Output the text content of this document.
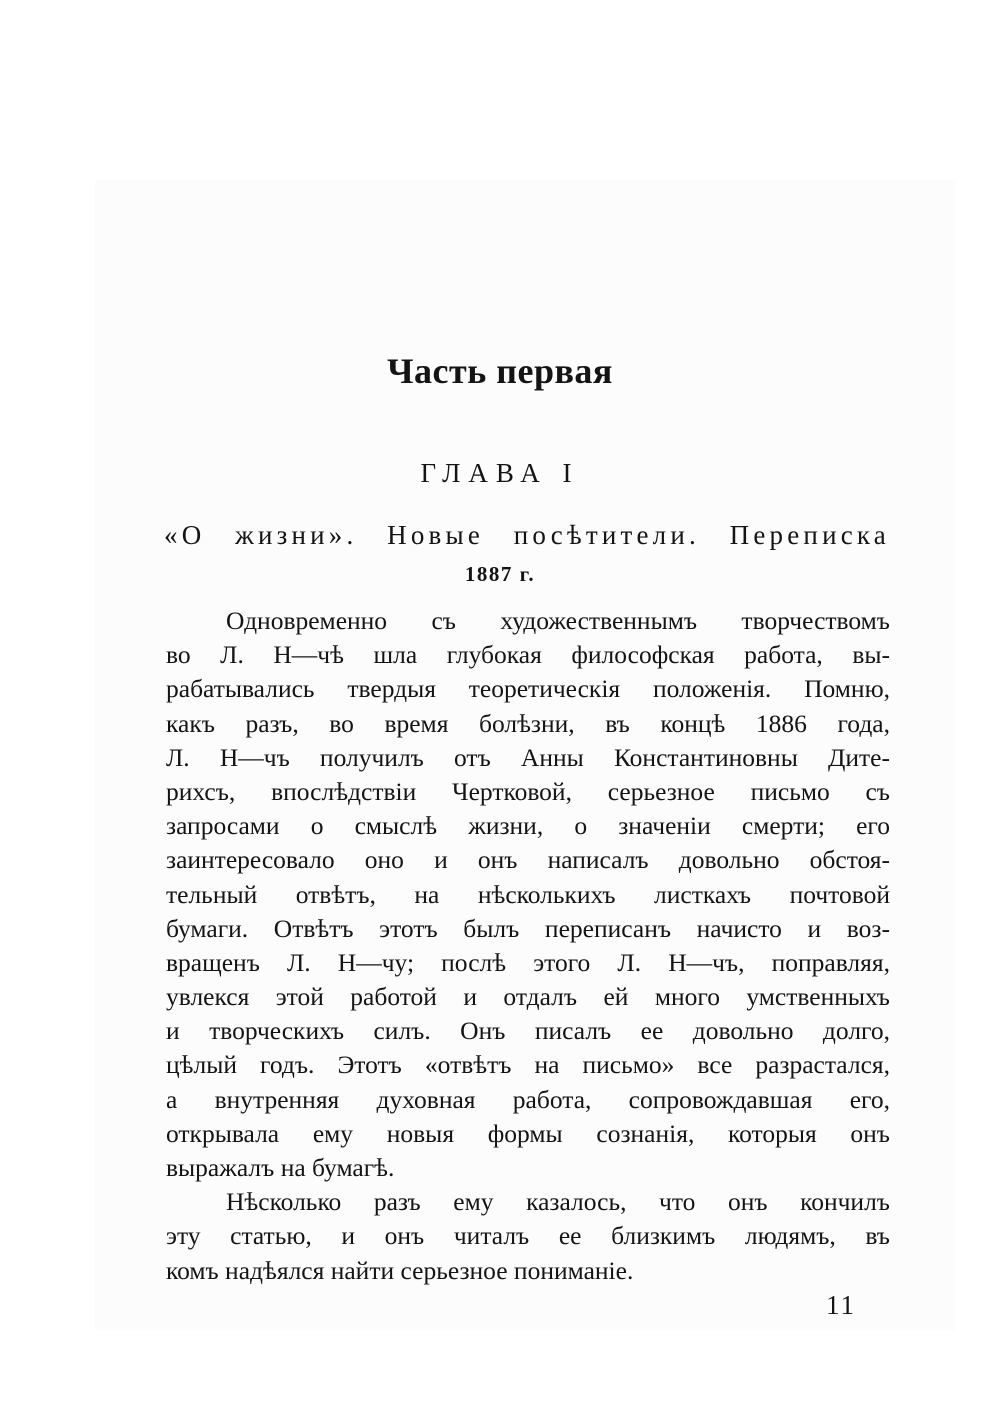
Часть первая
ГЛАВА I
«О жизни». Новые посѣтители. Переписка
1887 г.
Одновременно съ художественнымъ творчествомъ
во Л. Н—чѣ шла глубокая философская работа, вы-
рабатывались твердыя теоретическія положенія. Помню,
какъ разъ, во время болѣзни, въ концѣ 1886 года,
Л. Н—чъ получилъ отъ Анны Константиновны Дите-
рихсъ, впослѣдствіи Чертковой, серьезное письмо съ
запросами о смыслѣ жизни, о значеніи смерти; его
заинтересовало оно и онъ написалъ довольно обстоя-
тельный отвѣтъ, на нѣсколькихъ листкахъ почтовой
бумаги. Отвѣтъ этотъ былъ переписанъ начисто и воз-
вращенъ Л. Н—чу; послѣ этого Л. Н—чъ, поправляя,
увлекся этой работой и отдалъ ей много умственныхъ
и творческихъ силъ. Онъ писалъ ее довольно долго,
цѣлый годъ. Этотъ «отвѣтъ на письмо» все разрастался,
а внутренняя духовная работа, сопровождавшая его,
открывала ему новыя формы сознанія, которыя онъ
выражалъ на бумагѣ.
Нѣсколько разъ ему казалось, что онъ кончилъ
эту статью, и онъ читалъ ее близкимъ людямъ, въ
комъ надѣялся найти серьезное пониманіе.
11
